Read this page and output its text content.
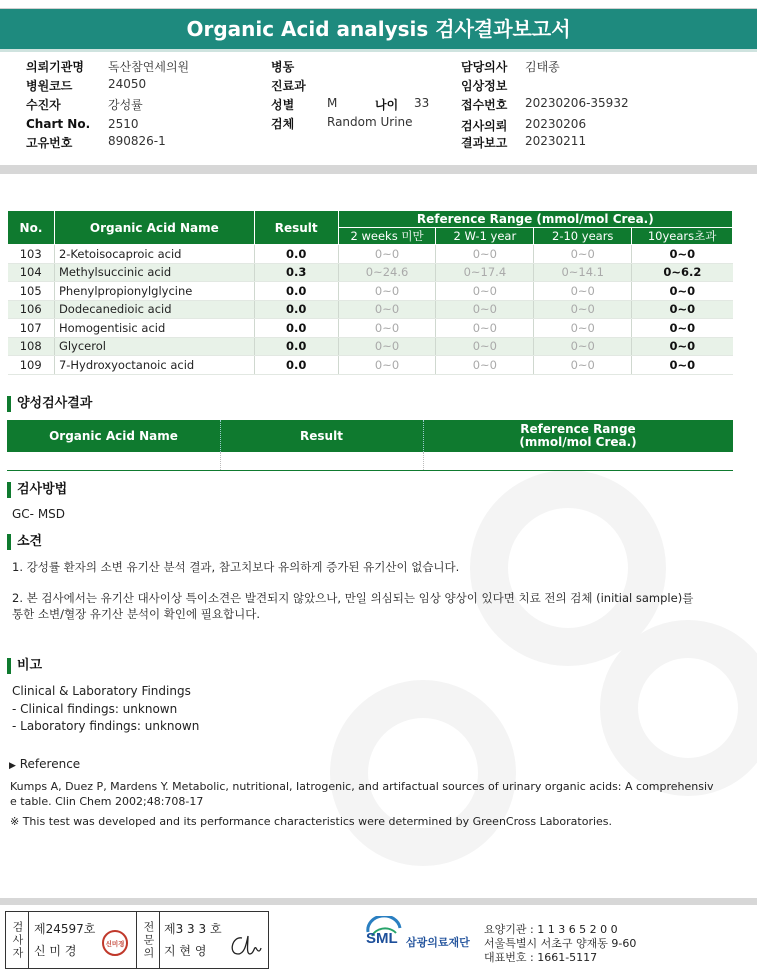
Organic Acid analysis 검사결과보고서
의뢰기관명 독산참연세의원
병원코드	24050
수진자	강성률
Chart No. 2510
고유번호	890826-1
병동
진료과
성별	M	나이 33
검체	Random Urine
담당의사 김태종
임상정보
접수번호 20230206-35932
검사의뢰 20230206
결과보고 20230211
No.	Organic Acid Name	Result	Reference Range (mmol/mol Crea.)			
			2 weeks 미만	2 W-1 year	2-10 years	10years초과
103	2-Ketoisocaproic acid	0.0	0~0	0~0	0~0	0~0
104	Methylsuccinic acid	0.3	0~24.6	0~17.4	0~14.1	0~6.2
105	Phenylpropionylglycine	0.0	0~0	0~0	0~0	0~0
106	Dodecanedioic acid	0.0	0~0	0~0	0~0	0~0
107	Homogentisic acid	0.0	0~0	0~0	0~0	0~0
108	Glycerol	0.0	0~0	0~0	0~0	0~0
109	7-Hydroxyoctanoic acid	0.0	0~0	0~0	0~0	0~0
양성검사결과
Organic Acid Name	Result	Reference Range
(mmol/mol Crea.)
검사방법
GC- MSD
소견
1. 강성률 환자의 소변 유기산 분석 결과, 참고치보다 유의하게 증가된 유기산이 없습니다.
2. 본 검사에서는 유기산 대사이상 특이소견은 발견되지 않았으나, 만일 의심되는 임상 양상이 있다면 치료 전의 검체 (initial sample)를
통한 소변/혈장 유기산 분석이 확인에 필요합니다.
비고
Clinical & Laboratory Findings
- Clinical findings: unknown
- Laboratory findings: unknown
▶ Reference
Kumps A, Duez P, Mardens Y. Metabolic, nutritional, Iatrogenic, and artifactual sources of urinary organic acids: A comprehensiv
e table. Clin Chem 2002;48:708-17
※ This test was developed and its performance characteristics were determined by GreenCross Laboratories.
검사자 제24597호
신 미 경
신미경	전문의 제3 3 3 호
지 현 영
SML 삼광의료재단
요양기관 : 1 1 3 6 5 2 0 0
서울특별시 서초구 양재동 9-60
대표번호 : 1661-5117
